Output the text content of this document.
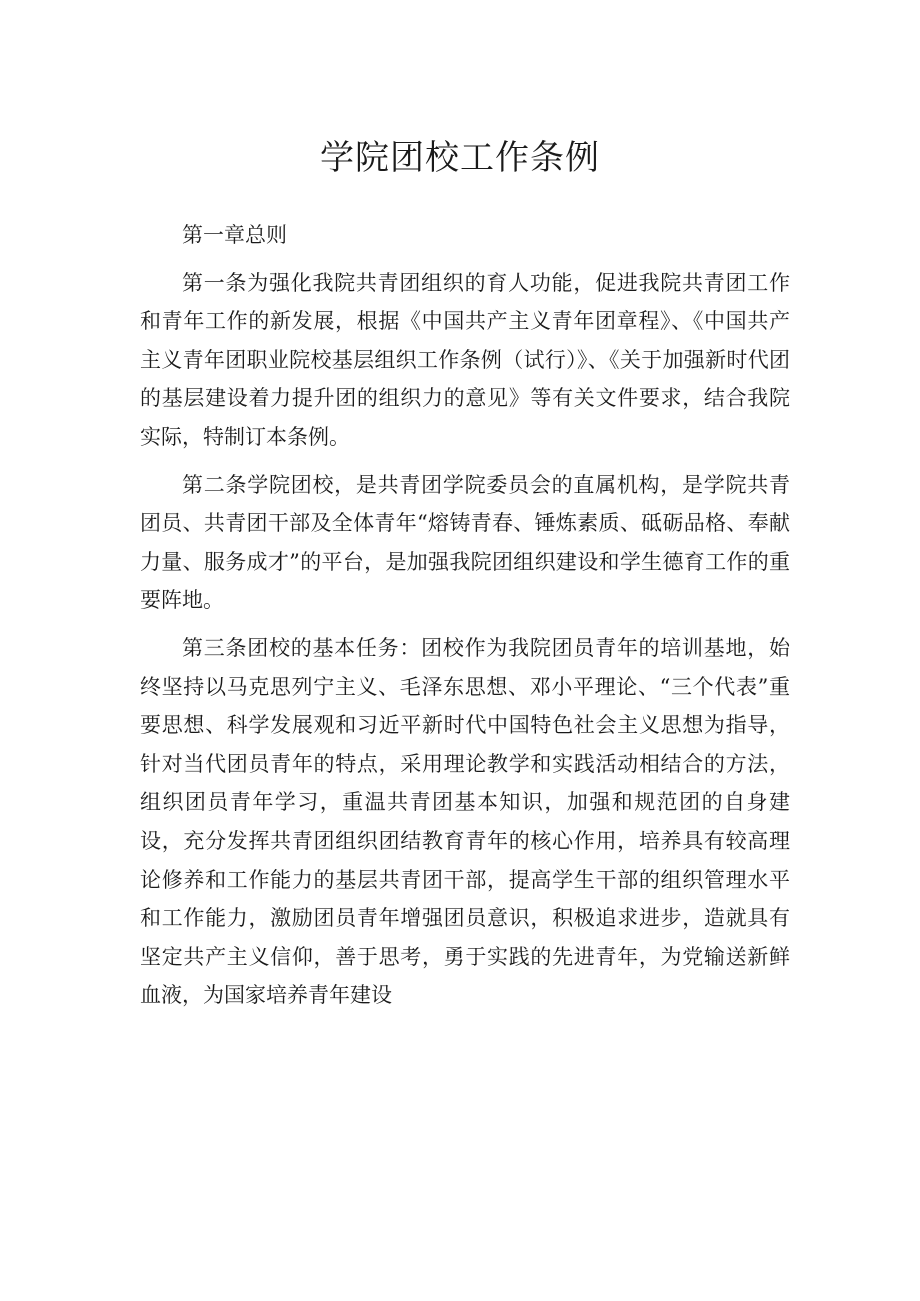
学院团校工作条例

第一章总则

第一条为强化我院共青团组织的育人功能，促进我院共青团工作和青年工作的新发展，根据《中国共产主义青年团章程》、《中国共产主义青年团职业院校基层组织工作条例（试行）》、《关于加强新时代团的基层建设着力提升团的组织力的意见》等有关文件要求，结合我院实际，特制订本条例。

第二条学院团校，是共青团学院委员会的直属机构，是学院共青团员、共青团干部及全体青年“熔铸青春、锤炼素质、砥砺品格、奉献力量、服务成才”的平台，是加强我院团组织建设和学生德育工作的重要阵地。

第三条团校的基本任务：团校作为我院团员青年的培训基地，始终坚持以马克思列宁主义、毛泽东思想、邓小平理论、“三个代表”重要思想、科学发展观和习近平新时代中国特色社会主义思想为指导，针对当代团员青年的特点，采用理论教学和实践活动相结合的方法，组织团员青年学习，重温共青团基本知识，加强和规范团的自身建设，充分发挥共青团组织团结教育青年的核心作用，培养具有较高理论修养和工作能力的基层共青团干部，提高学生干部的组织管理水平和工作能力，激励团员青年增强团员意识，积极追求进步，造就具有坚定共产主义信仰，善于思考，勇于实践的先进青年，为党输送新鲜血液，为国家培养青年建设
